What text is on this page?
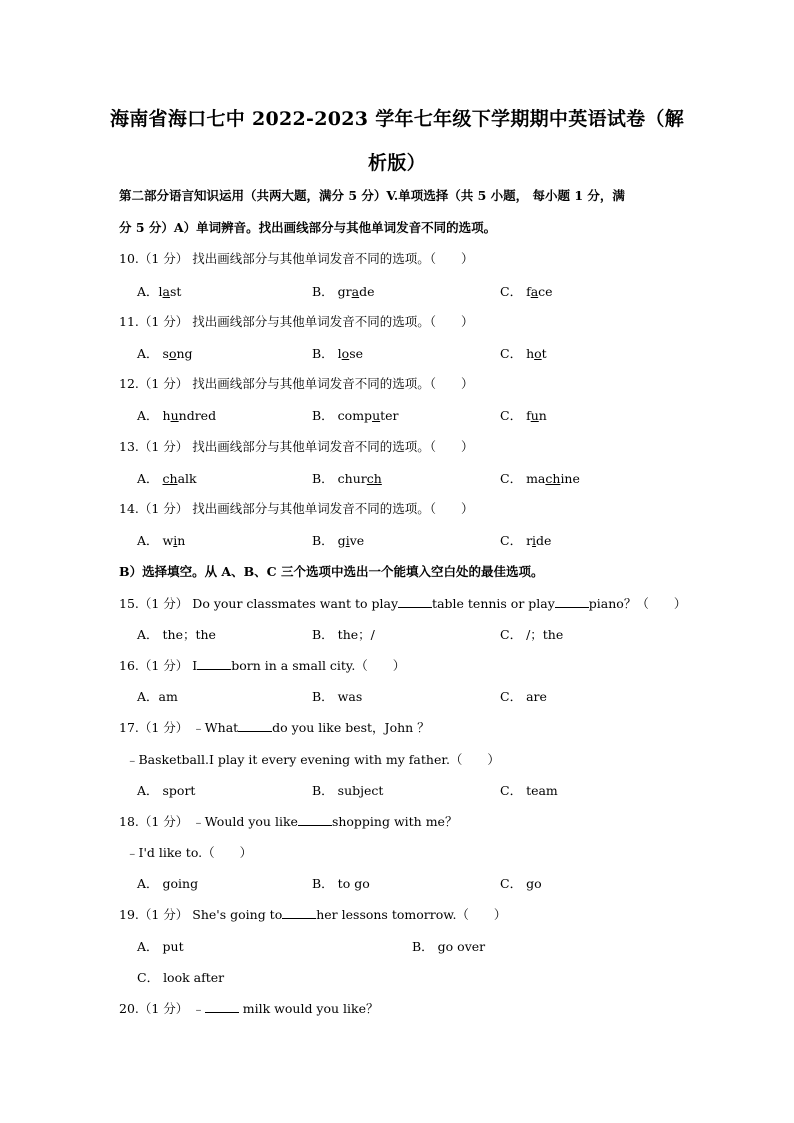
海南省海口七中 2022-2023 学年七年级下学期期中英语试卷（解
析版）
第二部分语言知识运用（共两大题，满分 5 分）V.单项选择（共 5 小题， 每小题 1 分，满
分 5 分）A）单词辨音。找出画线部分与其他单词发音不同的选项。
10.（1 分） 找出画线部分与其他单词发音不同的选项。（　　）
A．last	B． grade	C． face
11.（1 分） 找出画线部分与其他单词发音不同的选项。（　　）
A． song	B． lose	C． hot
12.（1 分） 找出画线部分与其他单词发音不同的选项。（　　）
A． hundred	B． computer	C． fun
13.（1 分） 找出画线部分与其他单词发音不同的选项。（　　）
A． chalk	B． church	C． machine
14.（1 分） 找出画线部分与其他单词发音不同的选项。（　　）
A． win	B． give	C． ride
B）选择填空。从 A、B、C 三个选项中选出一个能填入空白处的最佳选项。
15.（1 分） Do your classmates want to play	table tennis or play	piano？（　　）
A． the；the	B． the；/	C． /；the
16.（1 分） I	born in a small city.（　　）
A．am	B． was	C． are
17.（1 分） ﹣What	do you like best，John ？
﹣Basketball.I play it every evening with my father.（　　）
A． sport	B． subject	C． team
18.（1 分） ﹣Would you like	shopping with me？
﹣I'd like to.（　　）
A． going	B． to go	C． go
19.（1 分） She's going to	her lessons tomorrow.（　　）
A． put	B． go over
C． look after
20.（1 分） ﹣	milk would you like？
